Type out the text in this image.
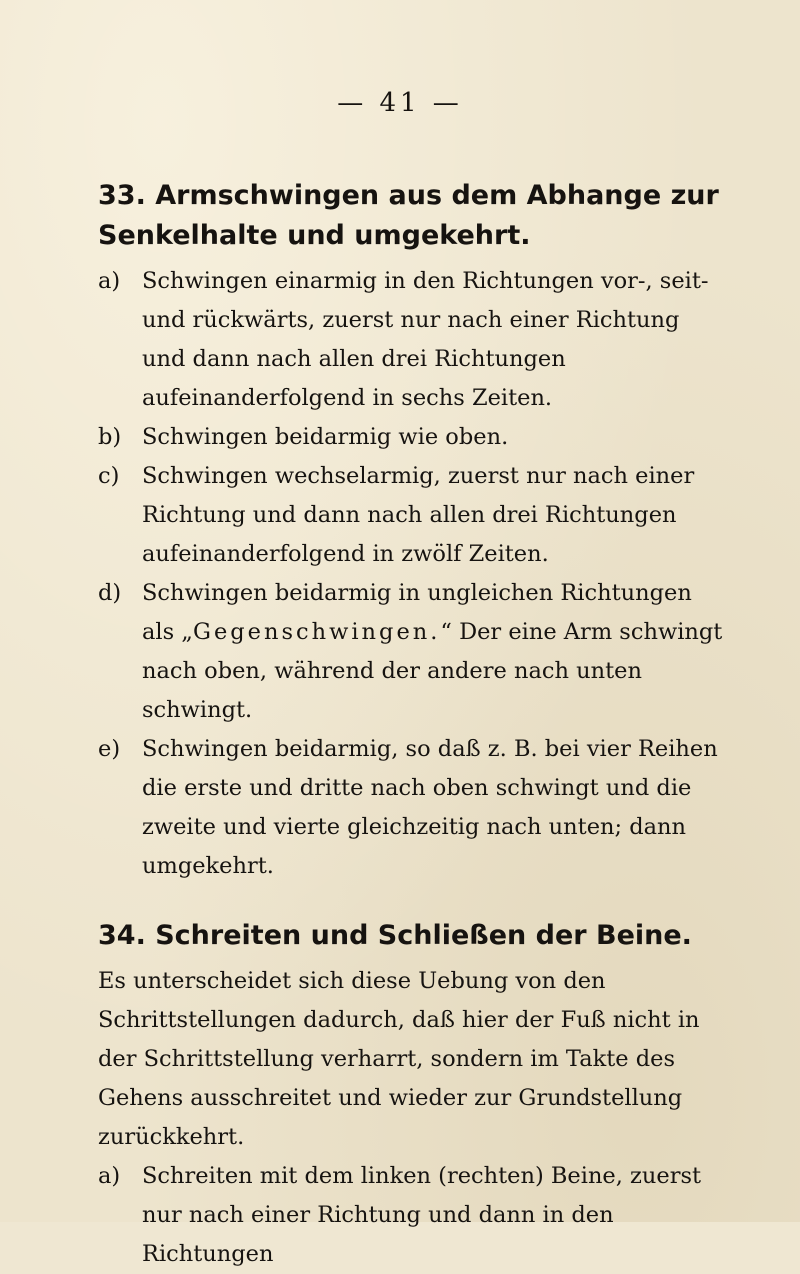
— 41 —
33. Armschwingen aus dem Abhange zur Senkelhalte und umgekehrt.
a) Schwingen einarmig in den Richtungen vor-, seit- und rückwärts, zuerst nur nach einer Richtung und dann nach allen drei Richtungen aufeinanderfolgend in sechs Zeiten.
b) Schwingen beidarmig wie oben.
c)	Schwingen wechselarmig, zuerst nur nach einer Richtung und dann nach allen drei Richtungen aufeinanderfolgend in zwölf Zeiten.
d) Schwingen beidarmig in ungleichen Richtungen als „Gegenschwingen.“ Der eine Arm schwingt nach oben, während der andere nach unten schwingt.
e) Schwingen beidarmig, so daß z. B. bei vier Reihen die erste und dritte nach oben schwingt und die zweite und vierte gleichzeitig nach unten; dann umgekehrt.
34. Schreiten und Schließen der Beine.

Es unterscheidet sich diese Uebung von den Schrittstellungen dadurch, daß hier der Fuß nicht in der Schrittstellung verharrt, sondern im Takte des Gehens ausschreitet und wieder zur Grundstellung zurückkehrt.

a) Schreiten mit dem linken (rechten) Beine, zuerst nur nach einer Richtung und dann in den Richtungen
